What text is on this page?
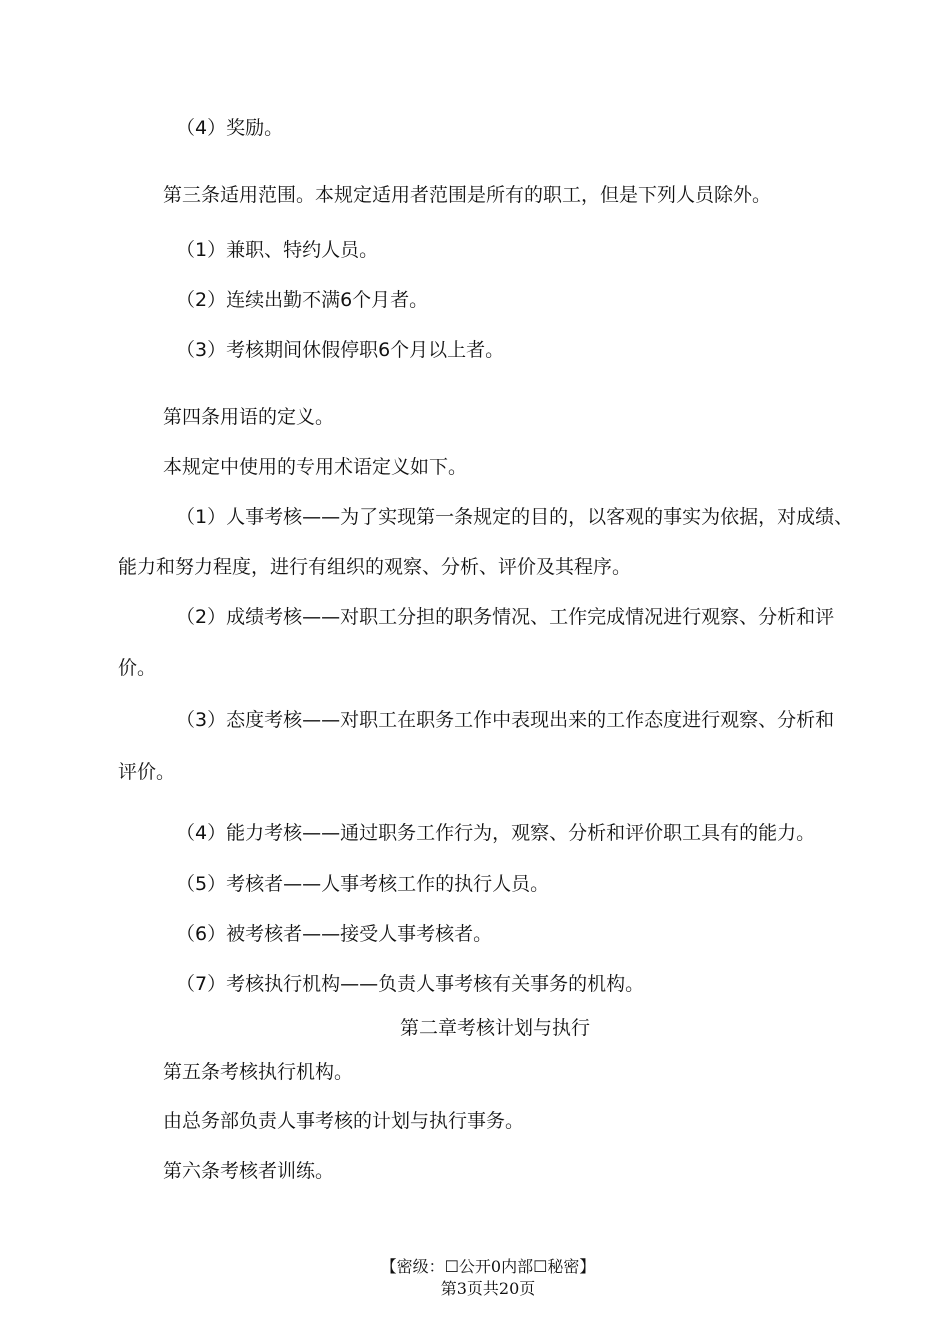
（4）奖励。
第三条适用范围。本规定适用者范围是所有的职工，但是下列人员除外。
（1）兼职、特约人员。
（2）连续出勤不满6个月者。
（3）考核期间休假停职6个月以上者。
第四条用语的定义。
本规定中使用的专用术语定义如下。
（1）人事考核——为了实现第一条规定的目的，以客观的事实为依据，对成绩、
能力和努力程度，进行有组织的观察、分析、评价及其程序。
（2）成绩考核——对职工分担的职务情况、工作完成情况进行观察、分析和评
价。
（3）态度考核——对职工在职务工作中表现出来的工作态度进行观察、分析和
评价。
（4）能力考核——通过职务工作行为，观察、分析和评价职工具有的能力。
（5）考核者——人事考核工作的执行人员。
（6）被考核者——接受人事考核者。
（7）考核执行机构——负责人事考核有关事务的机构。
第二章考核计划与执行
第五条考核执行机构。
由总务部负责人事考核的计划与执行事务。
第六条考核者训练。
【密级：☐公开0内部☐秘密】
第3页共20页
